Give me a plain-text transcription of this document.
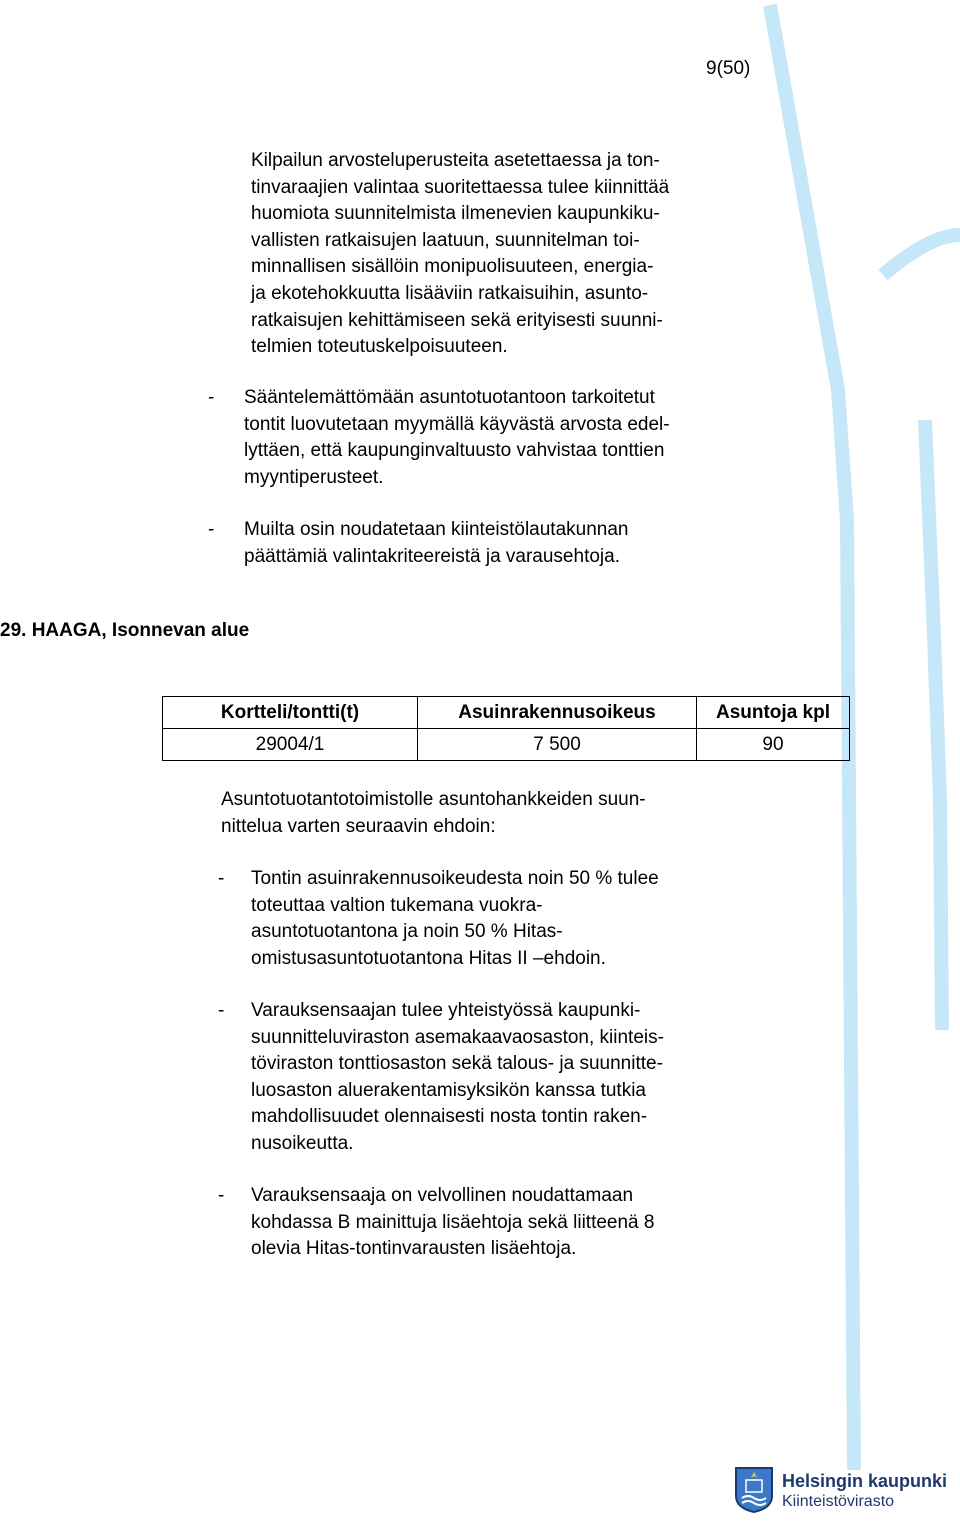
9(50)
Kilpailun arvosteluperusteita asetettaessa ja ton-
tinvaraajien valintaa suoritettaessa tulee kiinnittää
huomiota suunnitelmista ilmenevien kaupunkiku-
vallisten ratkaisujen laatuun, suunnitelman toi-
minnallisen sisällöin monipuolisuuteen, energia-
ja ekotehokkuutta lisääviin ratkaisuihin, asunto-
ratkaisujen kehittämiseen sekä erityisesti suunni-
telmien toteutuskelpoisuuteen.
- Sääntelemättömään asuntotuotantoon tarkoitetut
tontit luovutetaan myymällä käyvästä arvosta edel-
lyttäen, että kaupunginvaltuusto vahvistaa tonttien
myyntiperusteet.
- Muilta osin noudatetaan kiinteistölautakunnan
päättämiä valintakriteereistä ja varausehtoja.
29. HAAGA, Isonnevan alue
Kortteli/tontti(t)	Asuinrakennusoikeus	Asuntoja kpl
29004/1	7 500	90
Asuntotuotantotoimistolle asuntohankkeiden suun-
nittelua varten seuraavin ehdoin:
- Tontin asuinrakennusoikeudesta noin 50 % tulee
toteuttaa valtion tukemana vuokra-
asuntotuotantona ja noin 50 % Hitas-
omistusasuntotuotantona Hitas II –ehdoin.
- Varauksensaajan tulee yhteistyössä kaupunki-
suunnitteluviraston asemakaavaosaston, kiinteis-
töviraston tonttiosaston sekä talous- ja suunnitte-
luosaston aluerakentamisyksikön kanssa tutkia
mahdollisuudet olennaisesti nosta tontin raken-
nusoikeutta.
- Varauksensaaja on velvollinen noudattamaan
kohdassa B mainittuja lisäehtoja sekä liitteenä 8
olevia Hitas-tontinvarausten lisäehtoja.
Helsingin kaupunki
Kiinteistövirasto
